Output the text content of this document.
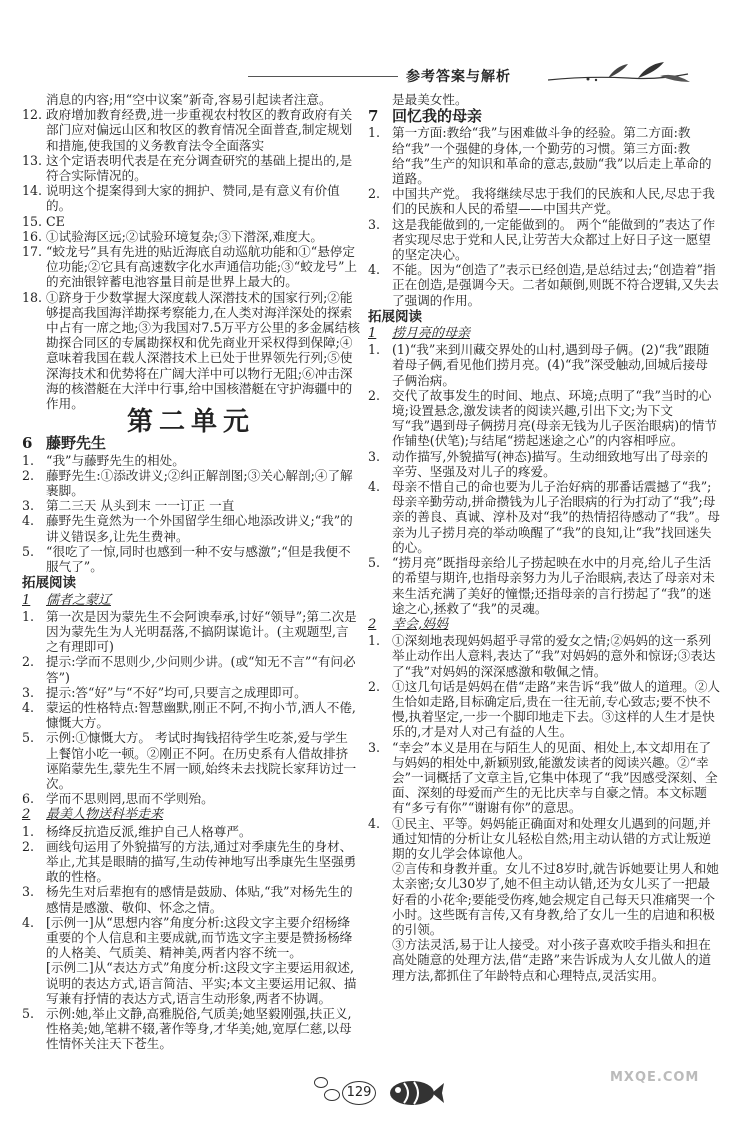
参考答案与解析
消息的内容;用“空中议案”新奇,容易引起读者注意。
12. 政府增加教育经费,进一步重视农村牧区的教育政府有关部门应对偏远山区和牧区的教育情况全面普查,制定规划和措施,使我国的义务教育法令全面落实
13. 这个定语表明代表是在充分调查研究的基础上提出的,是符合实际情况的。
14. 说明这个提案得到大家的拥护、赞同,是有意义有价值的。
15. CE
16. ①试验海区远;②试验环境复杂;③下潜深,难度大。
17. “蛟龙号”具有先进的贴近海底自动巡航功能和①“悬停定位功能;②它具有高速数字化水声通信功能;③“蛟龙号”上的充油银锌蓄电池容量目前是世界上最大的。
18. ①跻身于少数掌握大深度载人深潜技术的国家行列;②能够提高我国海洋勘探考察能力,在人类对海洋深处的探索中占有一席之地;③为我国对7.5万平方公里的多金属结核勘探合同区的专属勘探权和优先商业开采权得到保障;④意味着我国在载人深潜技术上已处于世界领先行列;⑤使深海技术和优势将在广阔大洋中可以物行无阻;⑥冲击深海的核潜艇在大洋中行事,给中国核潜艇在守护海疆中的作用。
第二单元
6 藤野先生
1. “我”与藤野先生的相处。
2. 藤野先生:①添改讲义;②纠正解剖图;③关心解剖;④了解裹脚。
3. 第二三天 从头到末 一一订正 一直
4. 藤野先生竟然为一个外国留学生细心地添改讲义;“我”的讲义错误多,让先生费神。
5. “很吃了一惊,同时也感到一种不安与感激”;“但是我便不服气了”。
拓展阅读
1	儒者之蒙辽
1. 第一次是因为蒙先生不会阿谀奉承,讨好“领导”;第二次是因为蒙先生为人光明磊落,不搞阴谋诡计。(主观题型,言之有理即可)
2. 提示:学而不思则少,少问则少讲。(或“知无不言”“有问必答”)
3. 提示:答“好”与“不好”均可,只要言之成理即可。
4. 蒙运的性格特点:智慧幽默,刚正不阿,不拘小节,洒人不倦,慷慨大方。
5. 示例:①慷慨大方。 考试时掏钱招待学生吃茶,爱与学生上餐馆小吃一顿。②刚正不阿。在历史系有人借故排挤诬陷蒙先生,蒙先生不屑一顾,始终未去找院长家拜访过一次。
6. 学而不思则罔,思而不学则殆。
2	最美人物送科举走来
1. 杨绛反抗造反派,维护自己人格尊严。
2. 画线句运用了外貌描写的方法,通过对季康先生的身材、举止,尤其是眼睛的描写,生动传神地写出季康先生坚强勇敢的性格。
3. 杨先生对后辈抱有的感情是鼓励、体贴,“我”对杨先生的感情是感激、敬仰、怀念之情。
4. [示例一]从“思想内容”角度分析:这段文字主要介绍杨绛重要的个人信息和主要成就,而节选文字主要是赞扬杨绛的人格美、气质美、精神美,两者内容不统一。
[示例二]从“表达方式”角度分析:这段文字主要运用叙述,说明的表达方式,语言简洁、平实;本文主要运用记叙、描写兼有抒情的表达方式,语言生动形象,两者不协调。
5. 示例:她,举止文静,高雅脱俗,气质美;她坚毅刚强,扶正义,性格美;她,笔耕不辍,著作等身,才华美;她,宽厚仁慈,以母性情怀关注天下苍生。
是最美女性。
7 回忆我的母亲
1. 第一方面:教给“我”与困难做斗争的经验。第二方面:教给“我”一个强健的身体,一个勤劳的习惯。第三方面:教给“我”生产的知识和革命的意志,鼓励“我”以后走上革命的道路。
2. 中国共产党。 我将继续尽忠于我们的民族和人民,尽忠于我们的民族和人民的希望——中国共产党。
3. 这是我能做到的,一定能做到的。 两个“能做到的”表达了作者实现尽忠于党和人民,让劳苦大众都过上好日子这一愿望的坚定决心。
4. 不能。因为“创造了”表示已经创造,是总结过去;“创造着”指正在创造,是强调今天。二者如颠倒,则既不符合逻辑,又失去了强调的作用。
拓展阅读
1	捞月亮的母亲
1. (1)“我”来到川藏交界处的山村,遇到母子俩。(2)“我”跟随着母子俩,看见他们捞月亮。(4)“我”深受触动,回城后接母子俩治病。
2. 交代了故事发生的时间、地点、环境;点明了“我”当时的心境;设置悬念,激发读者的阅读兴趣,引出下文;为下文写“我”遇到母子俩捞月亮(母亲无钱为儿子医治眼病)的情节作铺垫(伏笔);与结尾“捞起迷途之心”的内容相呼应。
3. 动作描写,外貌描写(神态)描写。生动细致地写出了母亲的辛劳、坚强及对儿子的疼爱。
4. 母亲不惜自己的命也要为儿子治好病的那番话震撼了“我”;母亲辛勤劳动,拼命攒钱为儿子治眼病的行为打动了“我”;母亲的善良、真诚、淳朴及对“我”的热情招待感动了“我”。母亲为儿子捞月亮的举动唤醒了“我”的良知,让“我”找回迷失的心。
5. “捞月亮”既指母亲给儿子捞起映在水中的月亮,给儿子生活的希望与期许,也指母亲努力为儿子治眼病,表达了母亲对未来生活充满了美好的憧憬;还指母亲的言行捞起了“我”的迷途之心,拯救了“我”的灵魂。
2	幸会,妈妈
1. ①深刻地表现妈妈超乎寻常的爱女之情;②妈妈的这一系列举止动作出人意料,表达了“我”对妈妈的意外和惊讶;③表达了“我”对妈妈的深深感激和敬佩之情。
2. ①这几句话是妈妈在借“走路”来告诉“我”做人的道理。②人生恰如走路,目标确定后,贵在一往无前,专心致志;要不快不慢,执着坚定,一步一个脚印地走下去。③这样的人生才是快乐的,才是对人对己有益的人生。
3. “幸会”本义是用在与陌生人的见面、相处上,本文却用在了与妈妈的相处中,新颖别致,能激发读者的阅读兴趣。②“幸会”一词概括了文章主旨,它集中体现了“我”因感受深刻、全面、深刻的母爱而产生的无比庆幸与自豪之情。本文标题有“多亏有你”“谢谢有你”的意思。
4. ①民主、平等。妈妈能正确面对和处理女儿遇到的问题,并通过知情的分析让女儿轻松自然;用主动认错的方式让叛逆期的女儿学会体谅他人。
②言传和身教并重。女儿不过8岁时,就告诉她要让男人和她太亲密;女儿30岁了,她不但主动认错,还为女儿买了一把最好看的小花伞;要能受伤疼,她会规定自己每天只准痛哭一个小时。这些既有言传,又有身教,给了女儿一生的启迪和积极的引领。
③方法灵活,易于让人接受。对小孩子喜欢咬手指头和担在高处随意的处理方法,借“走路”来告诉成为人女儿做人的道理方法,都抓住了年龄特点和心理特点,灵活实用。
129
MXQE.COM
